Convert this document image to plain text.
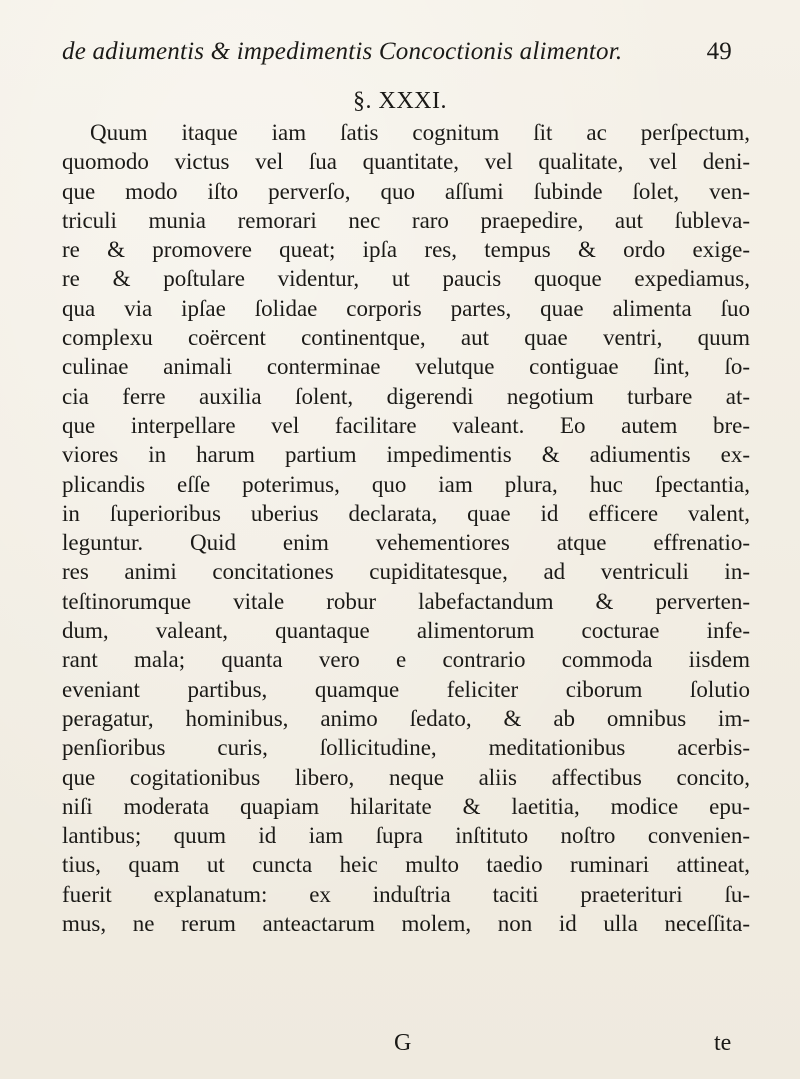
de adiumentis & impedimentis Concoctionis alimentor.	49
§. XXXI.
Quum itaque iam ſatis cognitum ſit ac perſpectum,
quomodo victus vel ſua quantitate, vel qualitate, vel deni-
que modo iſto perverſo, quo aſſumi ſubinde ſolet, ven-
triculi munia remorari nec raro praepedire, aut ſubleva-
re & promovere queat; ipſa res, tempus & ordo exige-
re & poſtulare videntur, ut paucis quoque expediamus,
qua via ipſae ſolidae corporis partes, quae alimenta ſuo
complexu coërcent continentque, aut quae ventri, quum
culinae animali conterminae velutque contiguae ſint, ſo-
cia ferre auxilia ſolent, digerendi negotium turbare at-
que interpellare vel facilitare valeant. Eo autem bre-
viores in harum partium impedimentis & adiumentis ex-
plicandis eſſe poterimus, quo iam plura, huc ſpectantia,
in ſuperioribus uberius declarata, quae id efficere valent,
leguntur. Quid enim vehementiores atque effrenatio-
res animi concitationes cupiditatesque, ad ventriculi in-
teſtinorumque vitale robur labefactandum & perverten-
dum, valeant, quantaque alimentorum cocturae infe-
rant mala; quanta vero e contrario commoda iisdem
eveniant partibus, quamque feliciter ciborum ſolutio
peragatur, hominibus, animo ſedato, & ab omnibus im-
penſioribus curis, ſollicitudine, meditationibus acerbis-
que cogitationibus libero, neque aliis affectibus concito,
niſi moderata quapiam hilaritate & laetitia, modice epu-
lantibus; quum id iam ſupra inſtituto noſtro convenien-
tius, quam ut cuncta heic multo taedio ruminari attineat,
fuerit explanatum: ex induſtria taciti praeterituri ſu-
mus, ne rerum anteactarum molem, non id ulla neceſſita-
G	te
